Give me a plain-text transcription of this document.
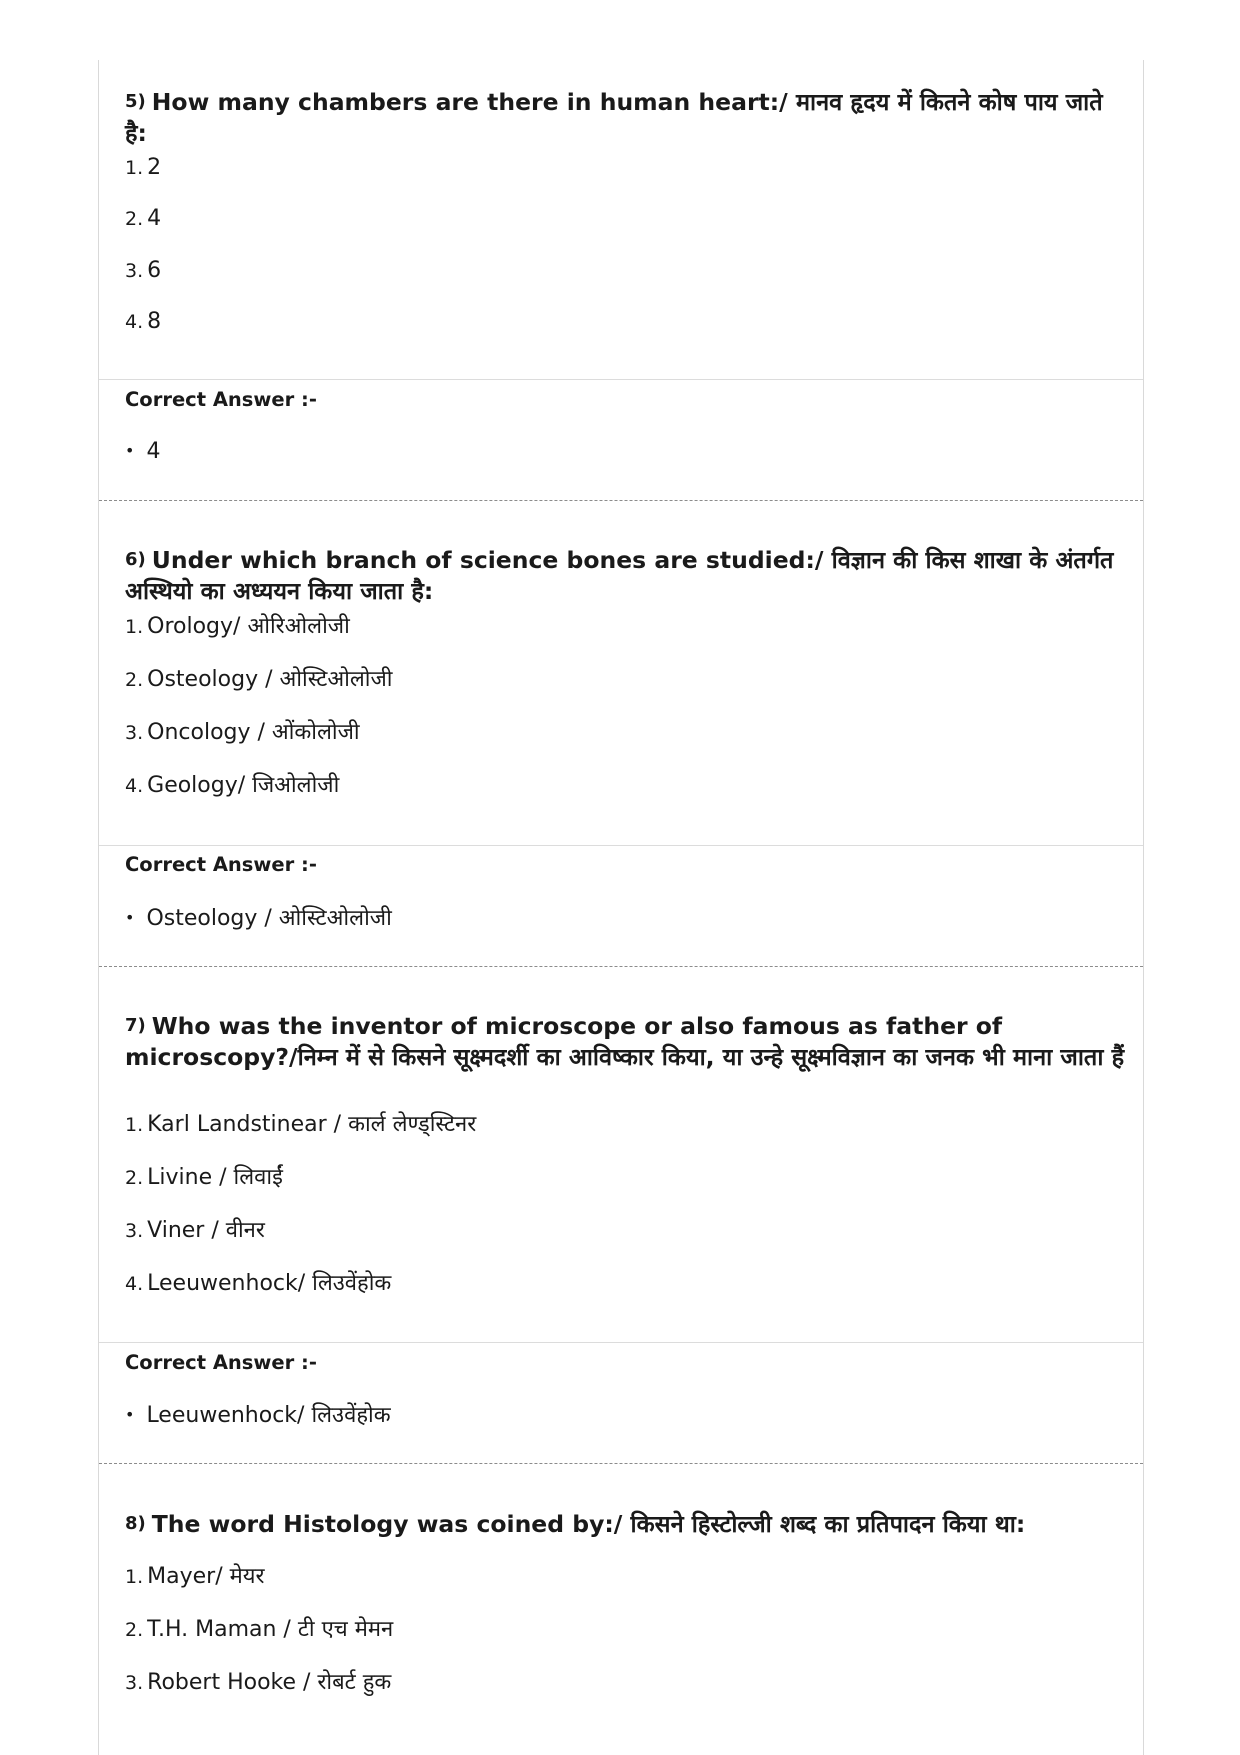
5) How many chambers are there in human heart:/ मानव हृदय में कितने कोष पाय जाते है:

1. 2
2. 4
3. 6
4. 8
Correct Answer :-
• 4

6) Under which branch of science bones are studied:/ विज्ञान की किस शाखा के अंतर्गत अस्थियो का अध्ययन किया जाता है:

1. Orology/ ओरिओलोजी
2. Osteology / ओस्टिओलोजी
3. Oncology / ओंकोलोजी
4. Geology/ जिओलोजी
Correct Answer :-
• Osteology / ओस्टिओलोजी

7) Who was the inventor of microscope or also famous as father of microscopy?/निम्न में से किसने सूक्ष्मदर्शी का आविष्कार किया, या उन्हे सूक्ष्मविज्ञान का जनक भी माना जाता हैं

1. Karl Landstinear / कार्ल लेण्ड्स्टिनर
2. Livine / लिवाईं
3. Viner / वीनर
4. Leeuwenhock/ लिउवेंहोक
Correct Answer :-
• Leeuwenhock/ लिउवेंहोक

8) The word Histology was coined by:/ किसने हिस्टोल्जी शब्द का प्रतिपादन किया था:

1. Mayer/ मेयर
2. T.H. Maman / टी एच मेमन
3. Robert Hooke / रोबर्ट हुक
